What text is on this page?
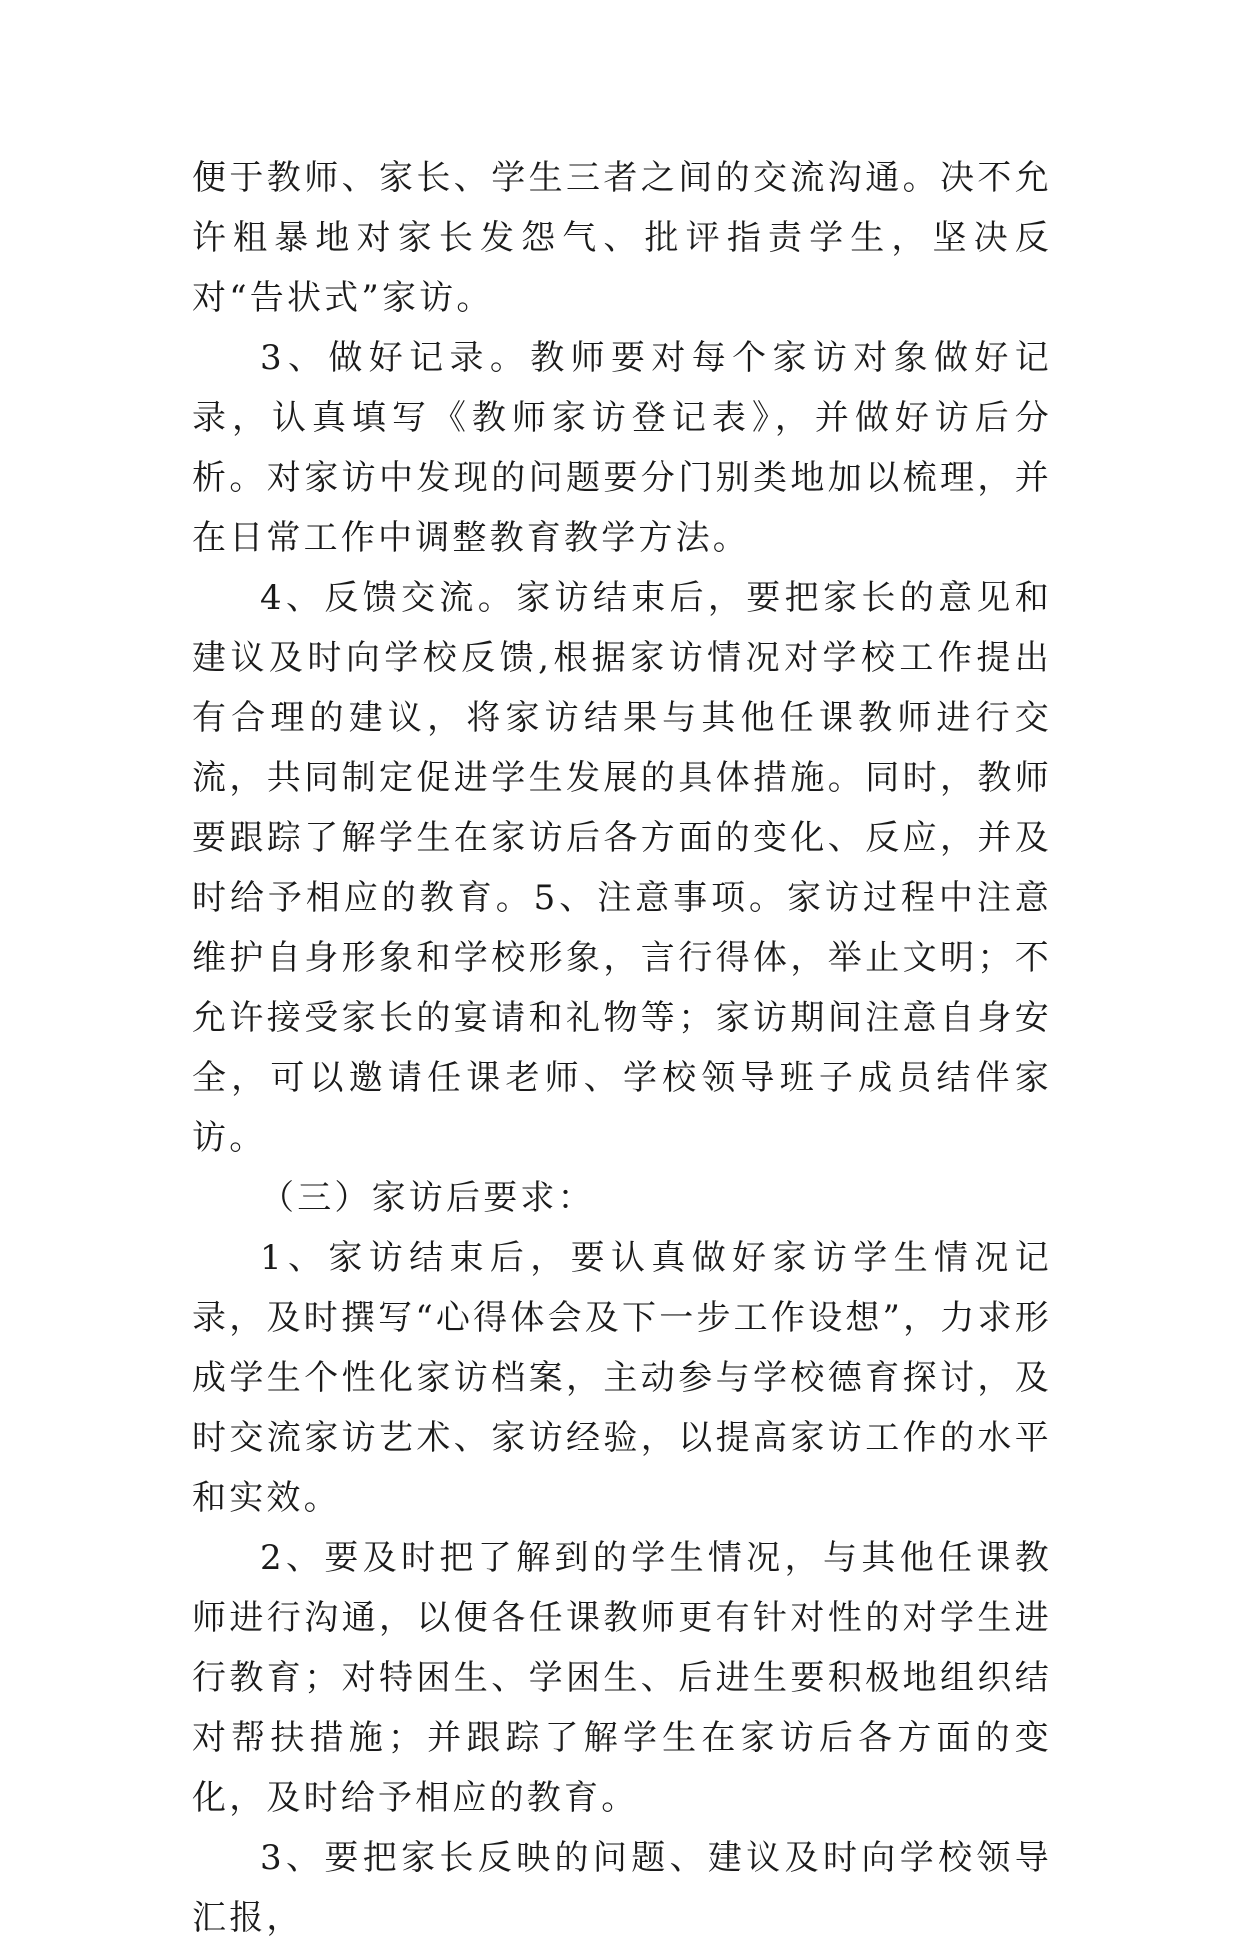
便于教师、家长、学生三者之间的交流沟通。决不允许粗暴地对家长发怨气、批评指责学生，坚决反对“告状式”家访。

3、做好记录。教师要对每个家访对象做好记录，认真填写《教师家访登记表》，并做好访后分析。对家访中发现的问题要分门别类地加以梳理，并在日常工作中调整教育教学方法。

4、反馈交流。家访结束后，要把家长的意见和建议及时向学校反馈,根据家访情况对学校工作提出有合理的建议，将家访结果与其他任课教师进行交流，共同制定促进学生发展的具体措施。同时，教师要跟踪了解学生在家访后各方面的变化、反应，并及时给予相应的教育。5、注意事项。家访过程中注意维护自身形象和学校形象，言行得体，举止文明；不允许接受家长的宴请和礼物等；家访期间注意自身安全，可以邀请任课老师、学校领导班子成员结伴家访。

（三）家访后要求：

1、家访结束后，要认真做好家访学生情况记录，及时撰写“心得体会及下一步工作设想”，力求形成学生个性化家访档案，主动参与学校德育探讨，及时交流家访艺术、家访经验，以提高家访工作的水平和实效。

2、要及时把了解到的学生情况，与其他任课教师进行沟通，以便各任课教师更有针对性的对学生进行教育；对特困生、学困生、后进生要积极地组织结对帮扶措施；并跟踪了解学生在家访后各方面的变化，及时给予相应的教育。

3、要把家长反映的问题、建议及时向学校领导汇报，
